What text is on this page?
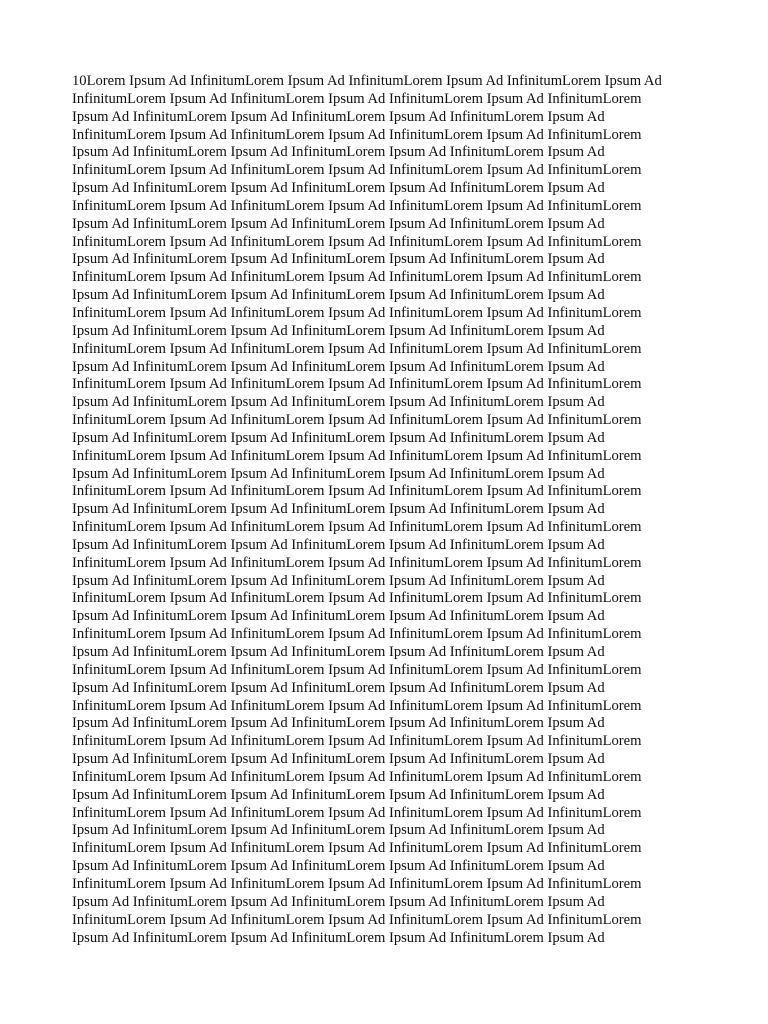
10Lorem Ipsum Ad InfinitumLorem Ipsum Ad InfinitumLorem Ipsum Ad InfinitumLorem Ipsum Ad
InfinitumLorem Ipsum Ad InfinitumLorem Ipsum Ad InfinitumLorem Ipsum Ad InfinitumLorem
Ipsum Ad InfinitumLorem Ipsum Ad InfinitumLorem Ipsum Ad InfinitumLorem Ipsum Ad
InfinitumLorem Ipsum Ad InfinitumLorem Ipsum Ad InfinitumLorem Ipsum Ad InfinitumLorem
Ipsum Ad InfinitumLorem Ipsum Ad InfinitumLorem Ipsum Ad InfinitumLorem Ipsum Ad
InfinitumLorem Ipsum Ad InfinitumLorem Ipsum Ad InfinitumLorem Ipsum Ad InfinitumLorem
Ipsum Ad InfinitumLorem Ipsum Ad InfinitumLorem Ipsum Ad InfinitumLorem Ipsum Ad
InfinitumLorem Ipsum Ad InfinitumLorem Ipsum Ad InfinitumLorem Ipsum Ad InfinitumLorem
Ipsum Ad InfinitumLorem Ipsum Ad InfinitumLorem Ipsum Ad InfinitumLorem Ipsum Ad
InfinitumLorem Ipsum Ad InfinitumLorem Ipsum Ad InfinitumLorem Ipsum Ad InfinitumLorem
Ipsum Ad InfinitumLorem Ipsum Ad InfinitumLorem Ipsum Ad InfinitumLorem Ipsum Ad
InfinitumLorem Ipsum Ad InfinitumLorem Ipsum Ad InfinitumLorem Ipsum Ad InfinitumLorem
Ipsum Ad InfinitumLorem Ipsum Ad InfinitumLorem Ipsum Ad InfinitumLorem Ipsum Ad
InfinitumLorem Ipsum Ad InfinitumLorem Ipsum Ad InfinitumLorem Ipsum Ad InfinitumLorem
Ipsum Ad InfinitumLorem Ipsum Ad InfinitumLorem Ipsum Ad InfinitumLorem Ipsum Ad
InfinitumLorem Ipsum Ad InfinitumLorem Ipsum Ad InfinitumLorem Ipsum Ad InfinitumLorem
Ipsum Ad InfinitumLorem Ipsum Ad InfinitumLorem Ipsum Ad InfinitumLorem Ipsum Ad
InfinitumLorem Ipsum Ad InfinitumLorem Ipsum Ad InfinitumLorem Ipsum Ad InfinitumLorem
Ipsum Ad InfinitumLorem Ipsum Ad InfinitumLorem Ipsum Ad InfinitumLorem Ipsum Ad
InfinitumLorem Ipsum Ad InfinitumLorem Ipsum Ad InfinitumLorem Ipsum Ad InfinitumLorem
Ipsum Ad InfinitumLorem Ipsum Ad InfinitumLorem Ipsum Ad InfinitumLorem Ipsum Ad
InfinitumLorem Ipsum Ad InfinitumLorem Ipsum Ad InfinitumLorem Ipsum Ad InfinitumLorem
Ipsum Ad InfinitumLorem Ipsum Ad InfinitumLorem Ipsum Ad InfinitumLorem Ipsum Ad
InfinitumLorem Ipsum Ad InfinitumLorem Ipsum Ad InfinitumLorem Ipsum Ad InfinitumLorem
Ipsum Ad InfinitumLorem Ipsum Ad InfinitumLorem Ipsum Ad InfinitumLorem Ipsum Ad
InfinitumLorem Ipsum Ad InfinitumLorem Ipsum Ad InfinitumLorem Ipsum Ad InfinitumLorem
Ipsum Ad InfinitumLorem Ipsum Ad InfinitumLorem Ipsum Ad InfinitumLorem Ipsum Ad
InfinitumLorem Ipsum Ad InfinitumLorem Ipsum Ad InfinitumLorem Ipsum Ad InfinitumLorem
Ipsum Ad InfinitumLorem Ipsum Ad InfinitumLorem Ipsum Ad InfinitumLorem Ipsum Ad
InfinitumLorem Ipsum Ad InfinitumLorem Ipsum Ad InfinitumLorem Ipsum Ad InfinitumLorem
Ipsum Ad InfinitumLorem Ipsum Ad InfinitumLorem Ipsum Ad InfinitumLorem Ipsum Ad
InfinitumLorem Ipsum Ad InfinitumLorem Ipsum Ad InfinitumLorem Ipsum Ad InfinitumLorem
Ipsum Ad InfinitumLorem Ipsum Ad InfinitumLorem Ipsum Ad InfinitumLorem Ipsum Ad
InfinitumLorem Ipsum Ad InfinitumLorem Ipsum Ad InfinitumLorem Ipsum Ad InfinitumLorem
Ipsum Ad InfinitumLorem Ipsum Ad InfinitumLorem Ipsum Ad InfinitumLorem Ipsum Ad
InfinitumLorem Ipsum Ad InfinitumLorem Ipsum Ad InfinitumLorem Ipsum Ad InfinitumLorem
Ipsum Ad InfinitumLorem Ipsum Ad InfinitumLorem Ipsum Ad InfinitumLorem Ipsum Ad
InfinitumLorem Ipsum Ad InfinitumLorem Ipsum Ad InfinitumLorem Ipsum Ad InfinitumLorem
Ipsum Ad InfinitumLorem Ipsum Ad InfinitumLorem Ipsum Ad InfinitumLorem Ipsum Ad
InfinitumLorem Ipsum Ad InfinitumLorem Ipsum Ad InfinitumLorem Ipsum Ad InfinitumLorem
Ipsum Ad InfinitumLorem Ipsum Ad InfinitumLorem Ipsum Ad InfinitumLorem Ipsum Ad
InfinitumLorem Ipsum Ad InfinitumLorem Ipsum Ad InfinitumLorem Ipsum Ad InfinitumLorem
Ipsum Ad InfinitumLorem Ipsum Ad InfinitumLorem Ipsum Ad InfinitumLorem Ipsum Ad
InfinitumLorem Ipsum Ad InfinitumLorem Ipsum Ad InfinitumLorem Ipsum Ad InfinitumLorem
Ipsum Ad InfinitumLorem Ipsum Ad InfinitumLorem Ipsum Ad InfinitumLorem Ipsum Ad
InfinitumLorem Ipsum Ad InfinitumLorem Ipsum Ad InfinitumLorem Ipsum Ad InfinitumLorem
Ipsum Ad InfinitumLorem Ipsum Ad InfinitumLorem Ipsum Ad InfinitumLorem Ipsum Ad
InfinitumLorem Ipsum Ad InfinitumLorem Ipsum Ad InfinitumLorem Ipsum Ad InfinitumLorem
Ipsum Ad InfinitumLorem Ipsum Ad InfinitumLorem Ipsum Ad InfinitumLorem Ipsum Ad
